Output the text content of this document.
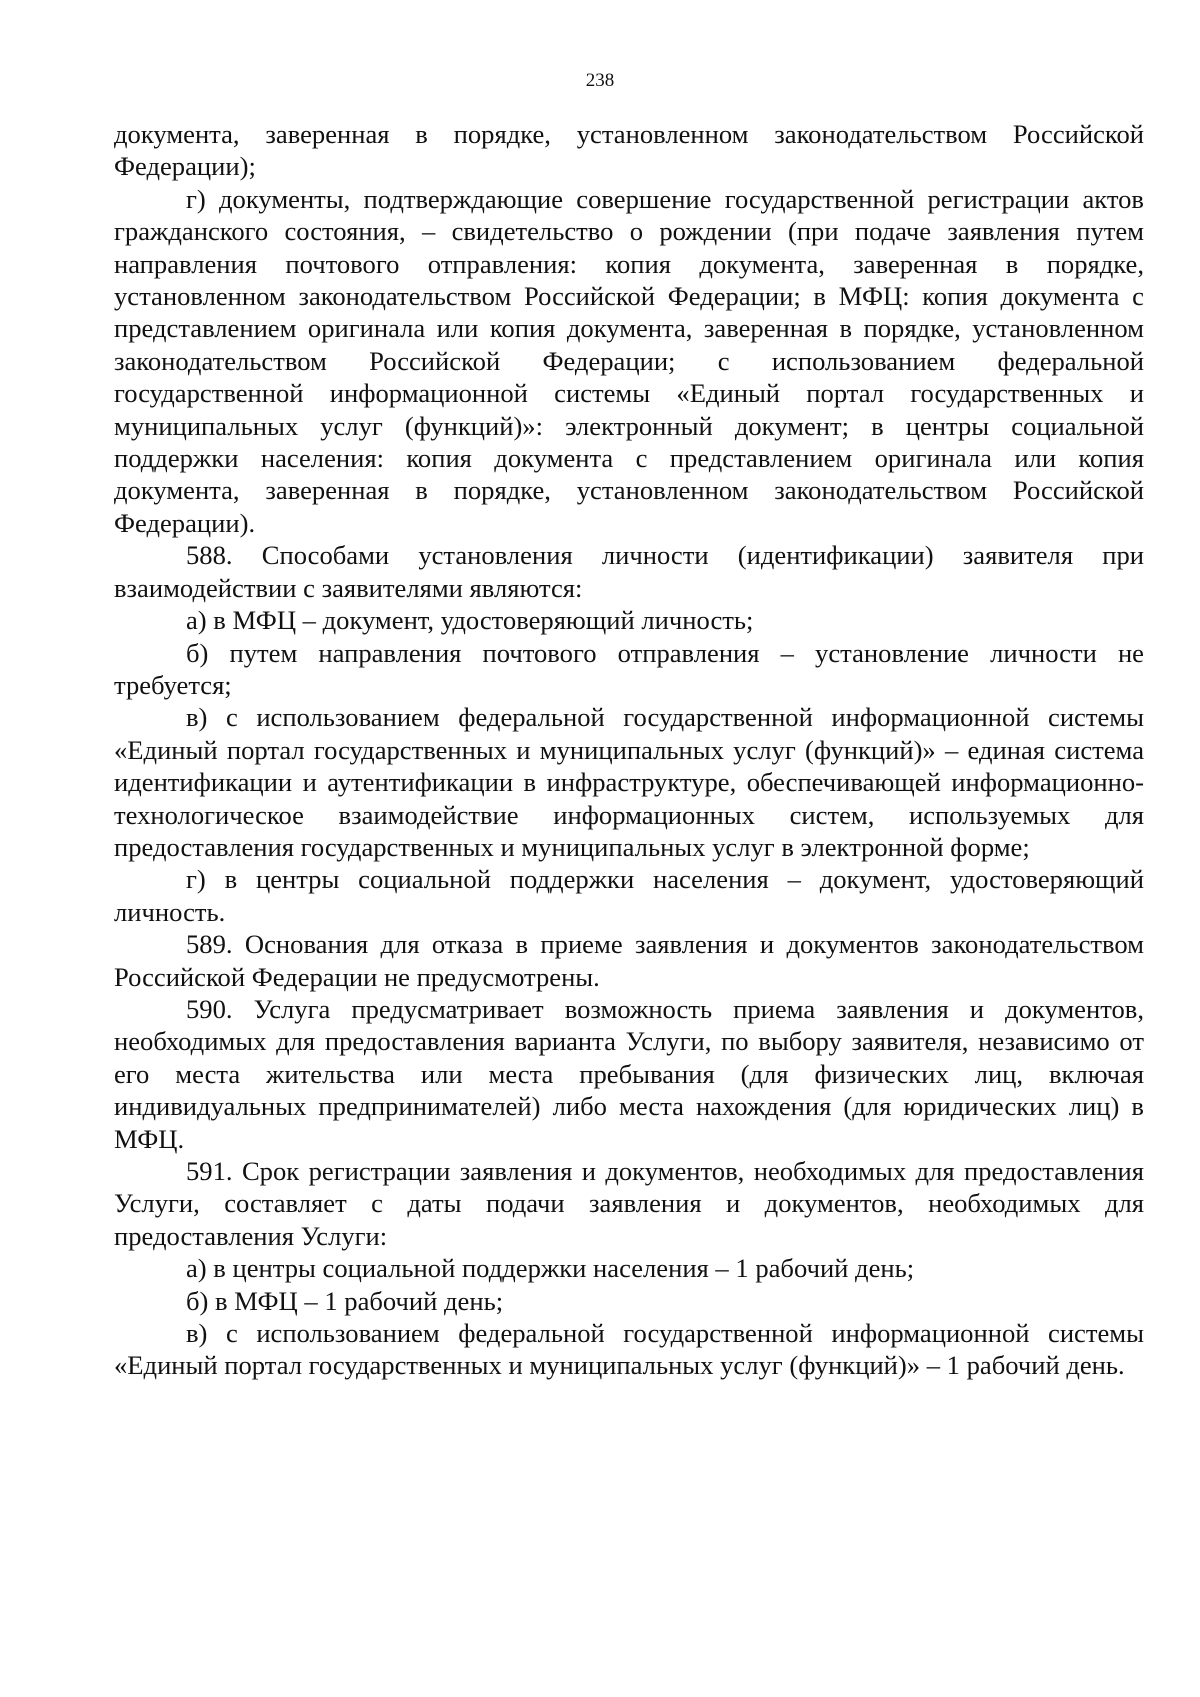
238

документа, заверенная в порядке, установленном законодательством Российской Федерации);

г) документы, подтверждающие совершение государственной регистрации актов гражданского состояния, – свидетельство о рождении (при подаче заявления путем направления почтового отправления: копия документа, заверенная в порядке, установленном законодательством Российской Федерации; в МФЦ: копия документа с представлением оригинала или копия документа, заверенная в порядке, установленном законодательством Российской Федерации; с использованием федеральной государственной информационной системы «Единый портал государственных и муниципальных услуг (функций)»: электронный документ; в центры социальной поддержки населения: копия документа с представлением оригинала или копия документа, заверенная в порядке, установленном законодательством Российской Федерации).

588. Способами установления личности (идентификации) заявителя при взаимодействии с заявителями являются:

а) в МФЦ – документ, удостоверяющий личность;

б) путем направления почтового отправления – установление личности не требуется;

в) с использованием федеральной государственной информационной системы «Единый портал государственных и муниципальных услуг (функций)» – единая система идентификации и аутентификации в инфраструктуре, обеспечивающей информационно-технологическое взаимодействие информационных систем, используемых для предоставления государственных и муниципальных услуг в электронной форме;

г) в центры социальной поддержки населения – документ, удостоверяющий личность.

589. Основания для отказа в приеме заявления и документов законодательством Российской Федерации не предусмотрены.

590. Услуга предусматривает возможность приема заявления и документов, необходимых для предоставления варианта Услуги, по выбору заявителя, независимо от его места жительства или места пребывания (для физических лиц, включая индивидуальных предпринимателей) либо места нахождения (для юридических лиц) в МФЦ.

591. Срок регистрации заявления и документов, необходимых для предоставления Услуги, составляет с даты подачи заявления и документов, необходимых для предоставления Услуги:

а) в центры социальной поддержки населения – 1 рабочий день;

б) в МФЦ – 1 рабочий день;

в) с использованием федеральной государственной информационной системы «Единый портал государственных и муниципальных услуг (функций)» – 1 рабочий день.
